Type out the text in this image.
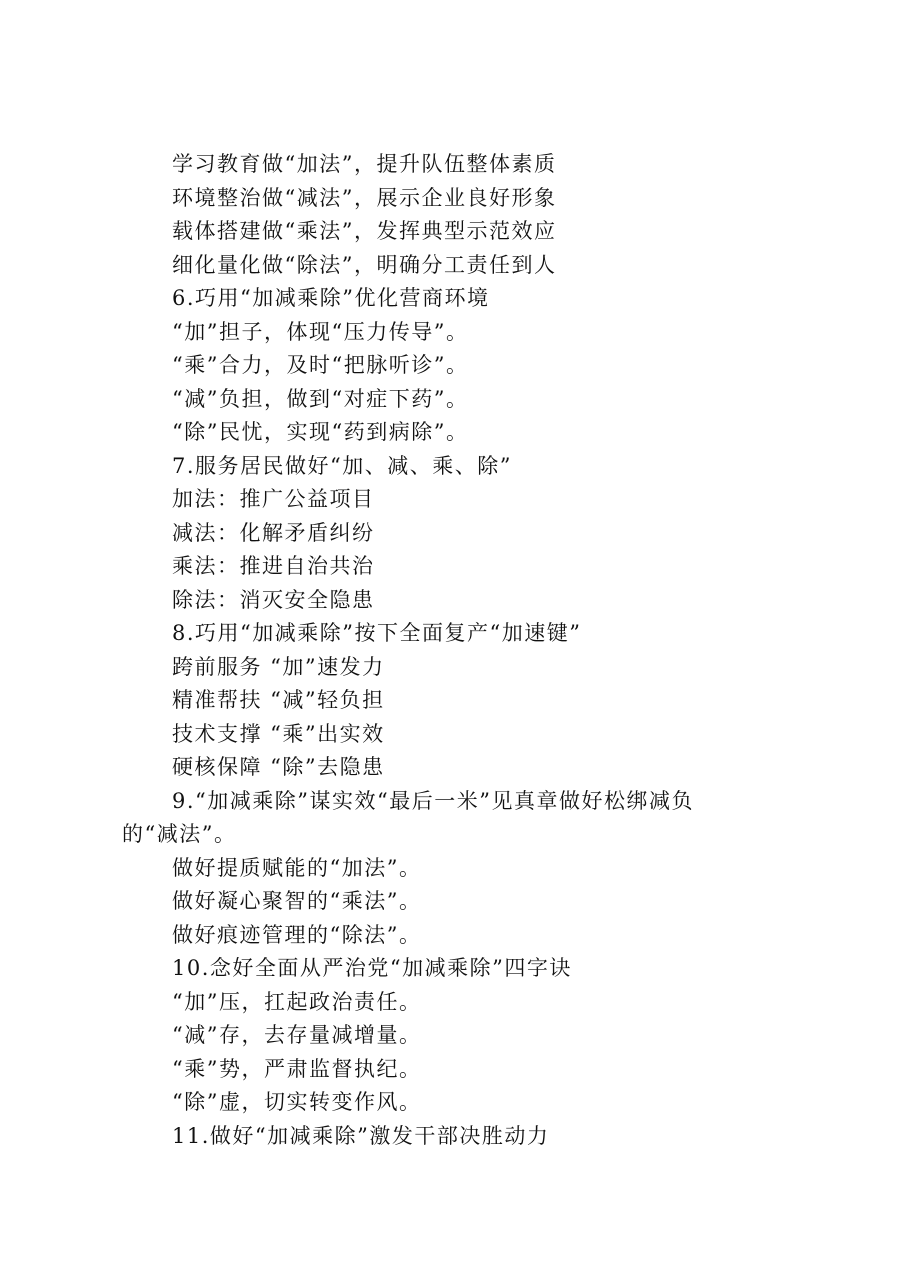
学习教育做“加法”，提升队伍整体素质
环境整治做“减法”，展示企业良好形象
载体搭建做“乘法”，发挥典型示范效应
细化量化做“除法”，明确分工责任到人
6.巧用“加减乘除”优化营商环境
“加”担子，体现“压力传导”。
“乘”合力，及时“把脉听诊”。
“减”负担，做到“对症下药”。
“除”民忧，实现“药到病除”。
7.服务居民做好“加、减、乘、除”
加法：推广公益项目
减法：化解矛盾纠纷
乘法：推进自治共治
除法：消灭安全隐患
8.巧用“加减乘除”按下全面复产“加速键”
跨前服务 “加”速发力
精准帮扶 “减”轻负担
技术支撑 “乘”出实效
硬核保障 “除”去隐患
9.“加减乘除”谋实效“最后一米”见真章做好松绑减负
的“减法”。
做好提质赋能的“加法”。
做好凝心聚智的“乘法”。
做好痕迹管理的“除法”。
10.念好全面从严治党“加减乘除”四字诀
“加”压，扛起政治责任。
“减”存，去存量减增量。
“乘”势，严肃监督执纪。
“除”虚，切实转变作风。
11.做好“加减乘除”激发干部决胜动力
